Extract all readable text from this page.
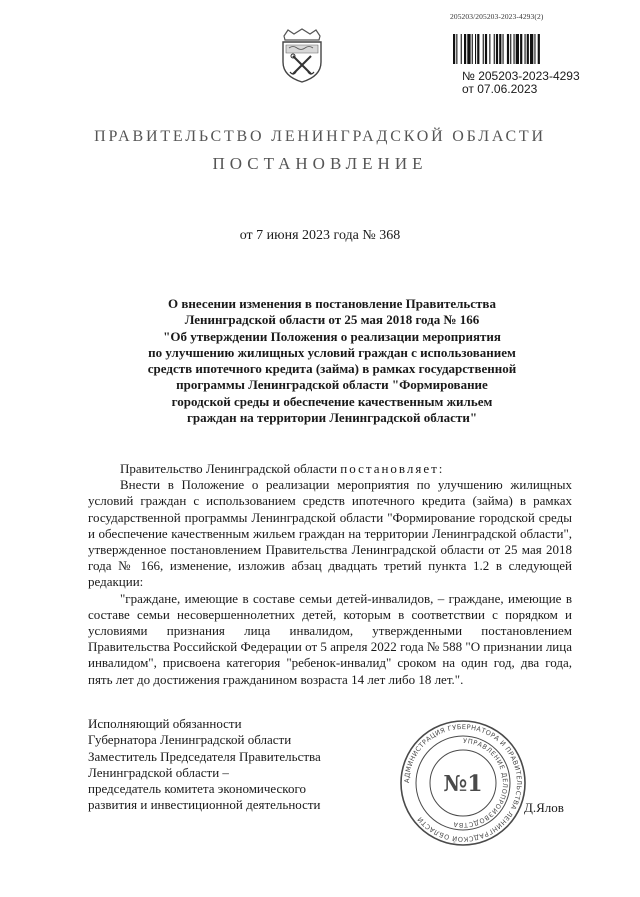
205203/205203-2023-4293(2)
№ 205203-2023-4293
от 07.06.2023
ПРАВИТЕЛЬСТВО ЛЕНИНГРАДСКОЙ ОБЛАСТИ
ПОСТАНОВЛЕНИЕ
от 7 июня 2023 года № 368
О внесении изменения в постановление Правительства
Ленинградской области от 25 мая 2018 года № 166
"Об утверждении Положения о реализации мероприятия
по улучшению жилищных условий граждан с использованием
средств ипотечного кредита (займа) в рамках государственной
программы Ленинградской области "Формирование
городской среды и обеспечение качественным жильем
граждан на территории Ленинградской области"

Правительство Ленинградской области постановляет:

Внести в Положение о реализации мероприятия по улучшению жилищных условий граждан с использованием средств ипотечного кредита (займа) в рамках государственной программы Ленинградской области "Формирование городской среды и обеспечение качественным жильем граждан на территории Ленинградской области", утвержденное постановлением Правительства Ленинградской области от 25 мая 2018 года № 166, изменение, изложив абзац двадцать третий пункта 1.2 в следующей редакции:

"граждане, имеющие в составе семьи детей-инвалидов, – граждане, имеющие в составе семьи несовершеннолетних детей, которым в соответствии с порядком и условиями признания лица инвалидом, утвержденными постановлением Правительства Российской Федерации от 5 апреля 2022 года № 588 "О признании лица инвалидом", присвоена категория "ребенок-инвалид" сроком на один год, два года, пять лет до достижения гражданином возраста 14 лет либо 18 лет.".

Исполняющий обязанности
Губернатора Ленинградской области
Заместитель Председателя Правительства
Ленинградской области –
председатель комитета экономического
развития и инвестиционной деятельности
АДМИНИСТРАЦИЯ ГУБЕРНАТОРА И ПРАВИТЕЛЬСТВА ЛЕНИНГРАДСКОЙ ОБЛАСТИ
УПРАВЛЕНИЕ ДЕЛОПРОИЗВОДСТВА
№1
Д.Ялов
